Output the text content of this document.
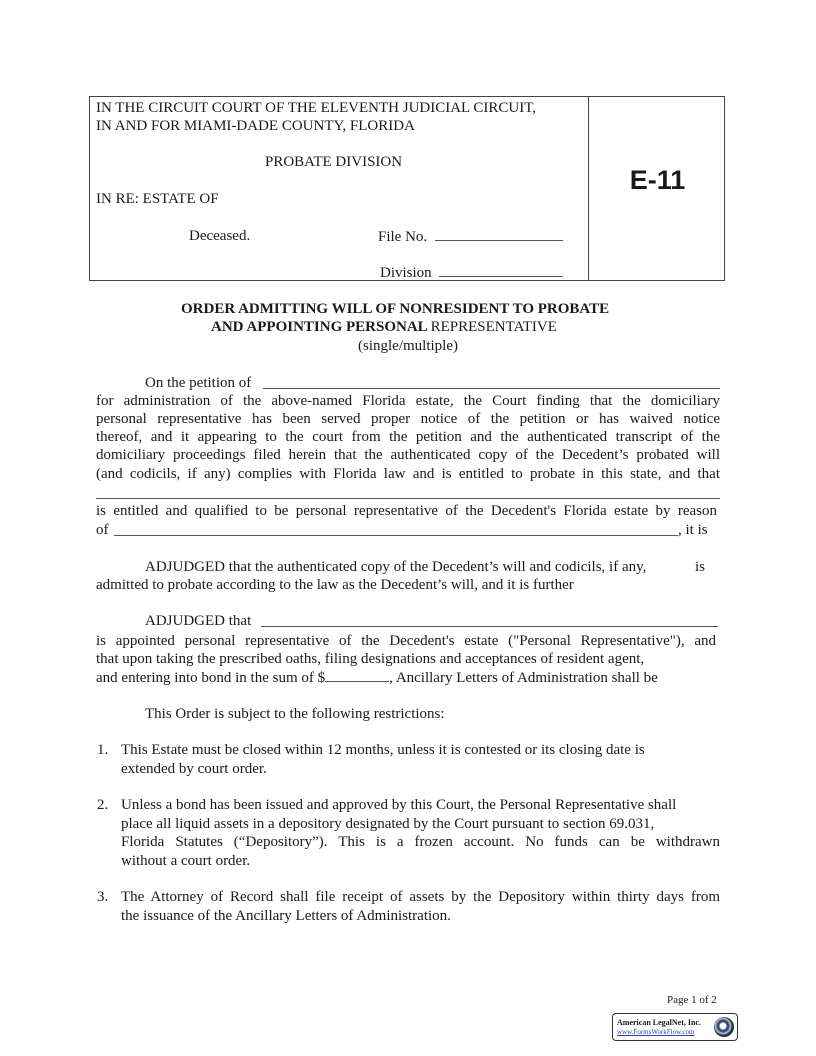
IN THE CIRCUIT COURT OF THE ELEVENTH JUDICIAL CIRCUIT,
IN AND FOR MIAMI-DADE COUNTY, FLORIDA
PROBATE DIVISION
IN RE: ESTATE OF
Deceased.	File No.
Division
E-11
ORDER ADMITTING WILL OF NONRESIDENT TO PROBATE
AND APPOINTING PERSONAL REPRESENTATIVE
(single/multiple)
On the petition of
for administration of the above-named Florida estate, the Court finding that the domiciliary
personal representative has been served proper notice of the petition or has waived notice
thereof, and it appearing to the court from the petition and the authenticated transcript of the
domiciliary proceedings filed herein that the authenticated copy of the Decedent’s probated will
(and codicils, if any) complies with Florida law and is entitled to probate in this state, and that
is entitled and qualified to be personal representative of the Decedent's Florida estate by reason
of	, it is
ADJUDGED that the authenticated copy of the Decedent’s will and codicils, if any,	is
admitted to probate according to the law as the Decedent’s will, and it is further
ADJUDGED that
is appointed personal representative of the Decedent's estate ("Personal Representative"), and
that upon taking the prescribed oaths, filing designations and acceptances of resident agent,
and entering into bond in the sum of $	, Ancillary Letters of Administration shall be
This Order is subject to the following restrictions:
1. This Estate must be closed within 12 months, unless it is contested or its closing date is
extended by court order.
2. Unless a bond has been issued and approved by this Court, the Personal Representative shall
place all liquid assets in a depository designated by the Court pursuant to section 69.031,
Florida Statutes (“Depository”). This is a frozen account. No funds can be withdrawn
without a court order.
3. The Attorney of Record shall file receipt of assets by the Depository within thirty days from
the issuance of the Ancillary Letters of Administration.
Page 1 of 2
American LegalNet, Inc.
www.FormsWorkFlow.com
